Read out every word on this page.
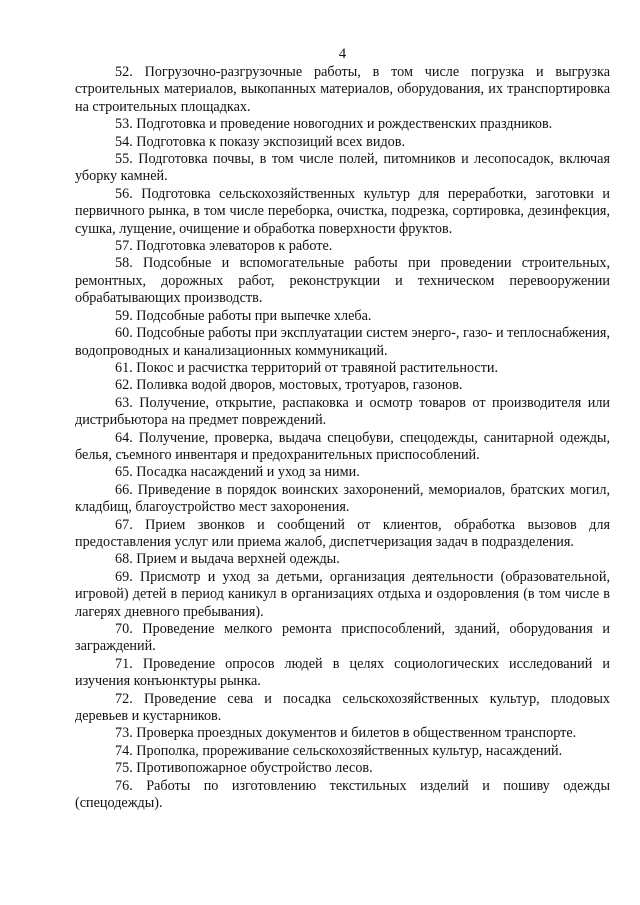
4

52. Погрузочно-разгрузочные работы, в том числе погрузка и выгрузка строительных материалов, выкопанных материалов, оборудования, их транспортировка на строительных площадках.

53. Подготовка и проведение новогодних и рождественских праздников.

54. Подготовка к показу экспозиций всех видов.

55. Подготовка почвы, в том числе полей, питомников и лесопосадок, включая уборку камней.

56. Подготовка сельскохозяйственных культур для переработки, заготовки и первичного рынка, в том числе переборка, очистка, подрезка, сортировка, дезинфекция, сушка, лущение, очищение и обработка поверхности фруктов.

57. Подготовка элеваторов к работе.

58. Подсобные и вспомогательные работы при проведении строительных, ремонтных, дорожных работ, реконструкции и техническом перевооружении обрабатывающих производств.

59. Подсобные работы при выпечке хлеба.

60. Подсобные работы при эксплуатации систем энерго-, газо- и теплоснабжения, водопроводных и канализационных коммуникаций.

61. Покос и расчистка территорий от травяной растительности.

62. Поливка водой дворов, мостовых, тротуаров, газонов.

63. Получение, открытие, распаковка и осмотр товаров от производителя или дистрибьютора на предмет повреждений.

64. Получение, проверка, выдача спецобуви, спецодежды, санитарной одежды, белья, съемного инвентаря и предохранительных приспособлений.

65. Посадка насаждений и уход за ними.

66. Приведение в порядок воинских захоронений, мемориалов, братских могил, кладбищ, благоустройство мест захоронения.

67. Прием звонков и сообщений от клиентов, обработка вызовов для предоставления услуг или приема жалоб, диспетчеризация задач в подразделения.

68. Прием и выдача верхней одежды.

69. Присмотр и уход за детьми, организация деятельности (образовательной, игровой) детей в период каникул в организациях отдыха и оздоровления (в том числе в лагерях дневного пребывания).

70. Проведение мелкого ремонта приспособлений, зданий, оборудования и заграждений.

71. Проведение опросов людей в целях социологических исследований и изучения конъюнктуры рынка.

72. Проведение сева и посадка сельскохозяйственных культур, плодовых деревьев и кустарников.

73. Проверка проездных документов и билетов в общественном транспорте.

74. Прополка, прореживание сельскохозяйственных культур, насаждений.

75. Противопожарное обустройство лесов.

76. Работы по изготовлению текстильных изделий и пошиву одежды (спецодежды).
